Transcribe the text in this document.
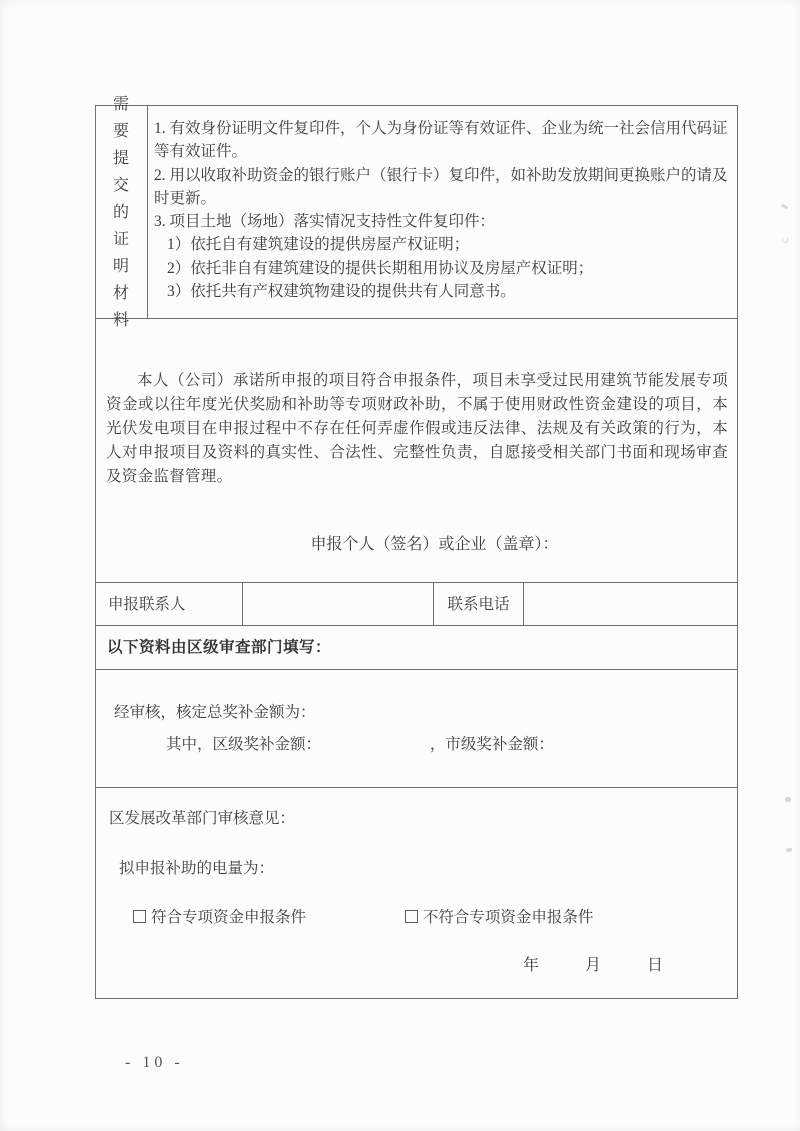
需要提交的证明材料
1. 有效身份证明文件复印件，个人为身份证等有效证件、企业为统一社会信用代码证等有效证件。
2. 用以收取补助资金的银行账户（银行卡）复印件，如补助发放期间更换账户的请及时更新。
3. 项目土地（场地）落实情况支持性文件复印件：
1）依托自有建筑建设的提供房屋产权证明；
2）依托非自有建筑建设的提供长期租用协议及房屋产权证明；
3）依托共有产权建筑物建设的提供共有人同意书。
本人（公司）承诺所申报的项目符合申报条件，项目未享受过民用建筑节能发展专项资金或以往年度光伏奖励和补助等专项财政补助，不属于使用财政性资金建设的项目，本光伏发电项目在申报过程中不存在任何弄虚作假或违反法律、法规及有关政策的行为，本人对申报项目及资料的真实性、合法性、完整性负责，自愿接受相关部门书面和现场审查及资金监督管理。
申报个人（签名）或企业（盖章）：
申报联系人	联系电话
以下资料由区级审查部门填写：
经审核，核定总奖补金额为：
其中，区级奖补金额：	，市级奖补金额：
区发展改革部门审核意见：
拟申报补助的电量为：
符合专项资金申报条件	不符合专项资金申报条件
年	月	日
- 10 -
